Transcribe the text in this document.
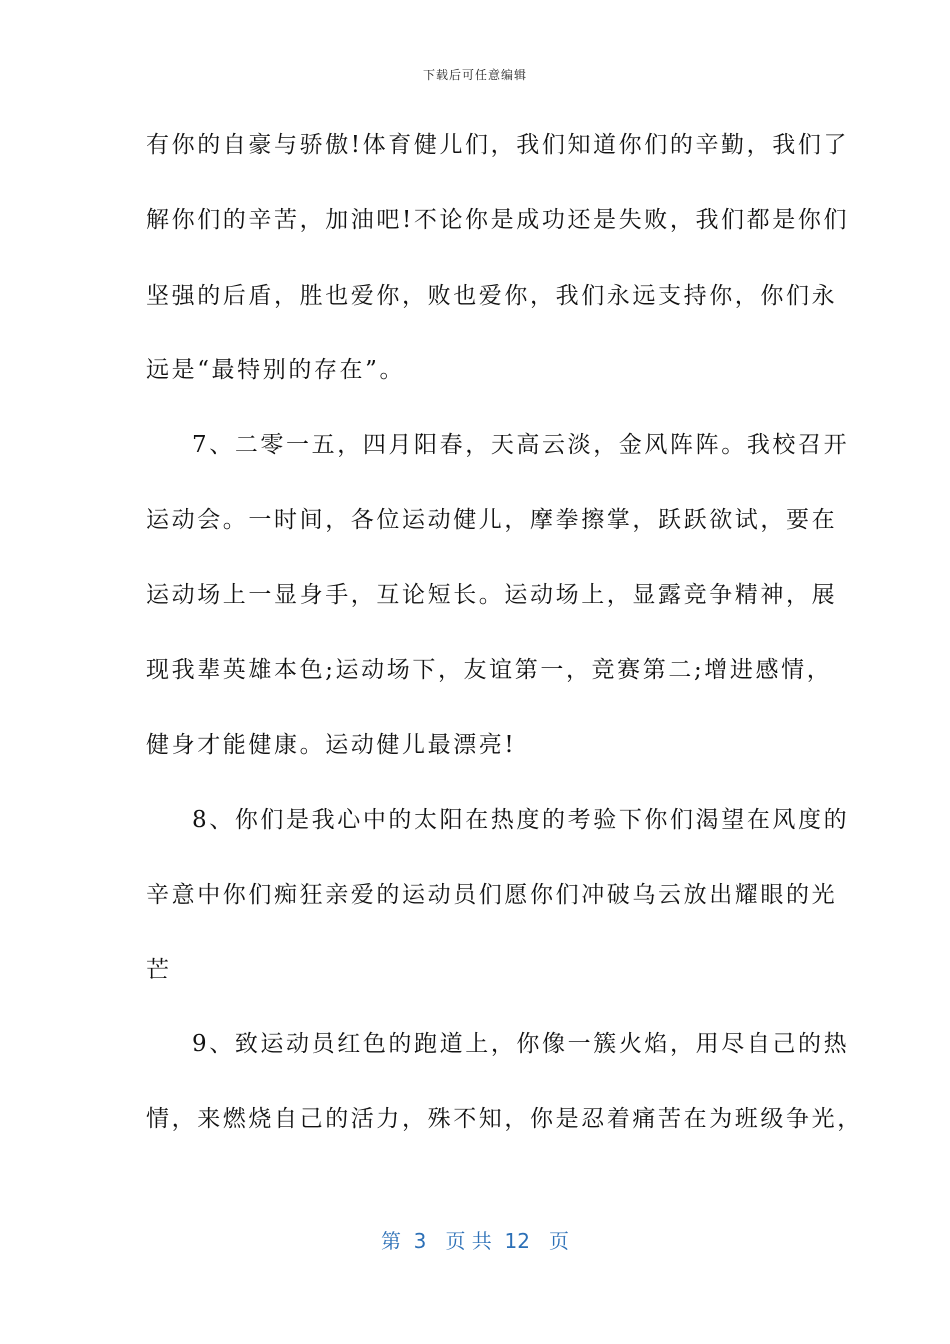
下载后可任意编辑
有你的自豪与骄傲!体育健儿们，我们知道你们的辛勤，我们了
解你们的辛苦，加油吧!不论你是成功还是失败，我们都是你们
坚强的后盾，胜也爱你，败也爱你，我们永远支持你，你们永
远是“最特别的存在”。
7、二零一五，四月阳春，天高云淡，金风阵阵。我校召开
运动会。一时间，各位运动健儿，摩拳擦掌，跃跃欲试，要在
运动场上一显身手，互论短长。运动场上，显露竞争精神，展
现我辈英雄本色;运动场下，友谊第一，竞赛第二;增进感情，
健身才能健康。运动健儿最漂亮!
8、你们是我心中的太阳在热度的考验下你们渴望在风度的
辛意中你们痴狂亲爱的运动员们愿你们冲破乌云放出耀眼的光
芒
9、致运动员红色的跑道上，你像一簇火焰，用尽自己的热
情，来燃烧自己的活力，殊不知，你是忍着痛苦在为班级争光，
第  3   页 共  12   页
